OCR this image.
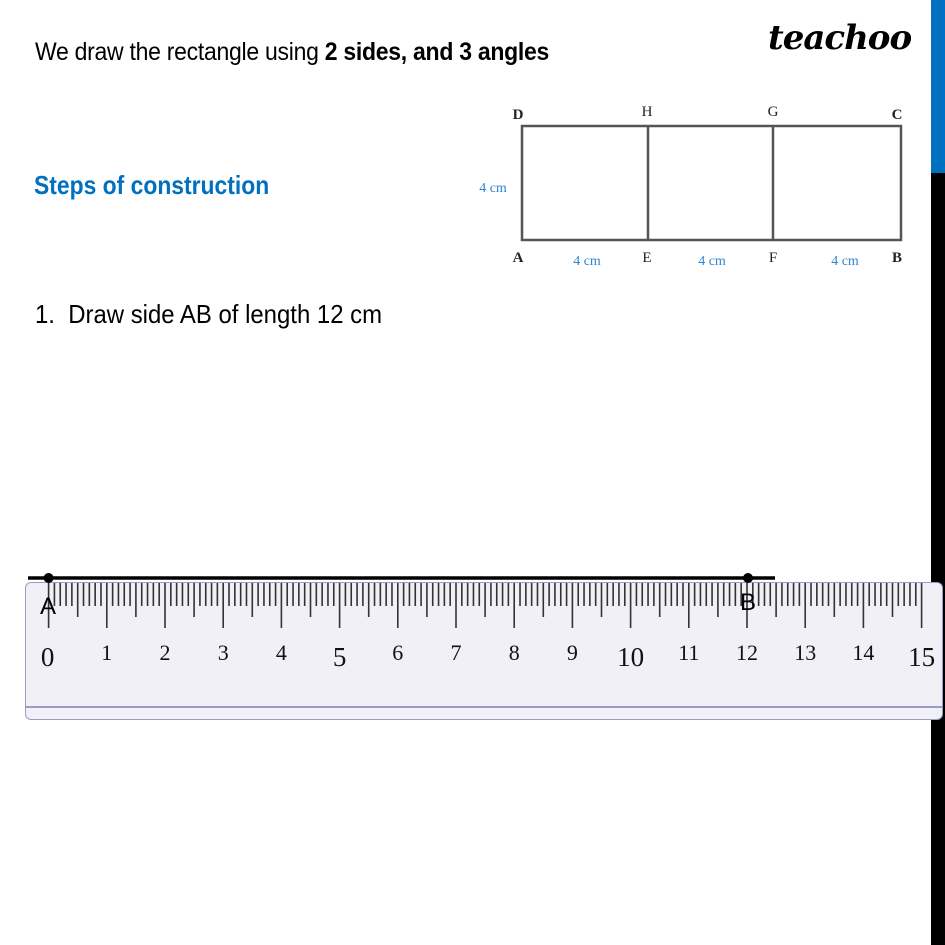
We draw the rectangle using 2 sides, and 3 angles	teachoo
Steps of construction
1. Draw side AB of length 12 cm
D	H	G	C
A	E	F	B
4 cm
4 cm	4 cm	4 cm
0 1 2 3 4 5 6 7 8 9 10 11 12 13 14 15
A	B
